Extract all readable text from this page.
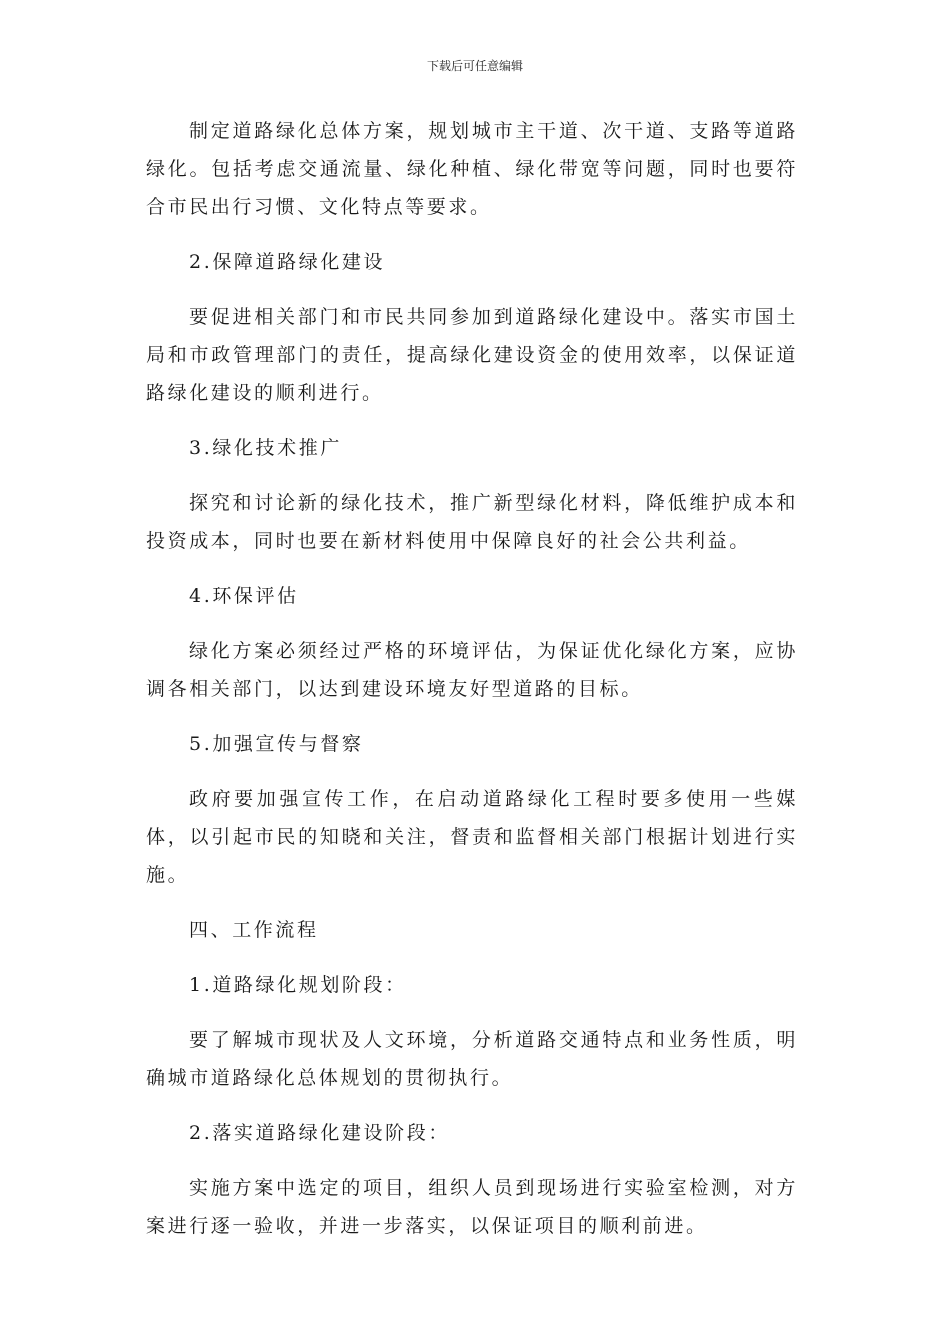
下载后可任意编辑

制定道路绿化总体方案，规划城市主干道、次干道、支路等道路绿化。包括考虑交通流量、绿化种植、绿化带宽等问题，同时也要符合市民出行习惯、文化特点等要求。

2.保障道路绿化建设

要促进相关部门和市民共同参加到道路绿化建设中。落实市国土局和市政管理部门的责任，提高绿化建设资金的使用效率，以保证道路绿化建设的顺利进行。

3.绿化技术推广

探究和讨论新的绿化技术，推广新型绿化材料，降低维护成本和投资成本，同时也要在新材料使用中保障良好的社会公共利益。

4.环保评估

绿化方案必须经过严格的环境评估，为保证优化绿化方案，应协调各相关部门，以达到建设环境友好型道路的目标。

5.加强宣传与督察

政府要加强宣传工作，在启动道路绿化工程时要多使用一些媒体，以引起市民的知晓和关注，督责和监督相关部门根据计划进行实施。

四、工作流程

1.道路绿化规划阶段：

要了解城市现状及人文环境，分析道路交通特点和业务性质，明确城市道路绿化总体规划的贯彻执行。

2.落实道路绿化建设阶段：

实施方案中选定的项目，组织人员到现场进行实验室检测，对方案进行逐一验收，并进一步落实，以保证项目的顺利前进。
